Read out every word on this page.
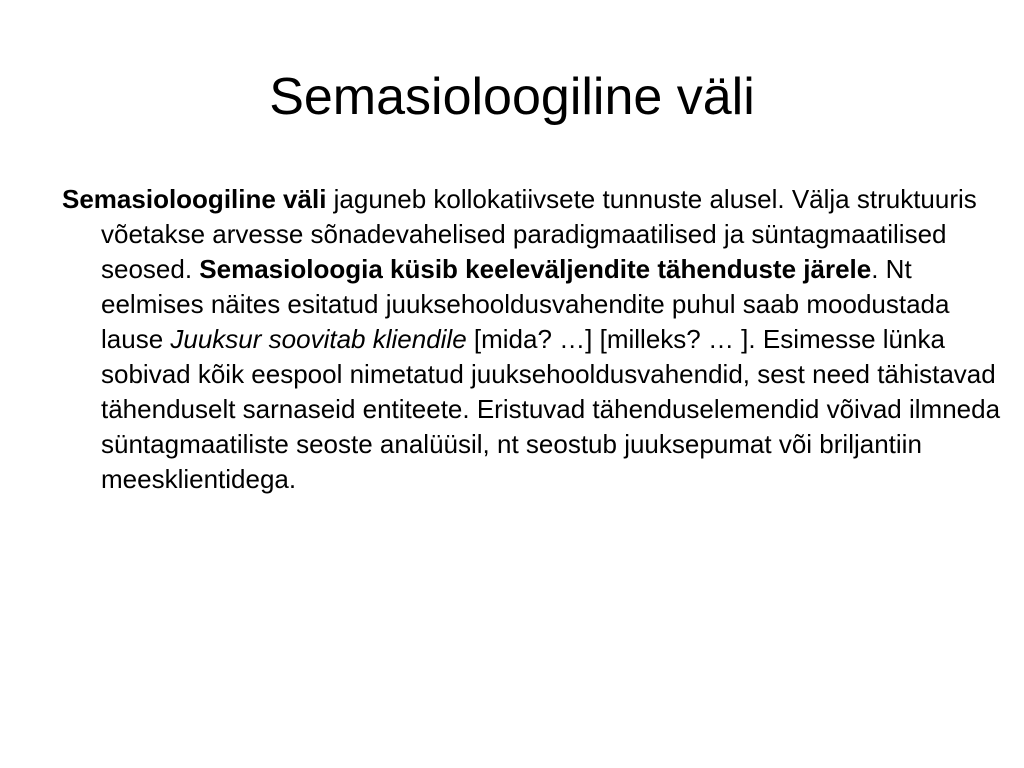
Semasioloogiline väli

Semasioloogiline väli jaguneb kollokatiivsete tunnuste alusel. Välja struktuuris võetakse arvesse sõnadevahelised paradigmaatilised ja süntagmaatilised seosed. Semasioloogia küsib keeleväljendite tähenduste järele. Nt eelmises näites esitatud juuksehooldusvahendite puhul saab moodustada lause Juuksur soovitab kliendile [mida? …] [milleks? … ]. Esimesse lünka sobivad kõik eespool nimetatud juuksehooldusvahendid, sest need tähistavad tähenduselt sarnaseid entiteete. Eristuvad tähenduselemendid võivad ilmneda süntagmaatiliste seoste analüüsil, nt seostub juuksepumat või briljantiin meesklientidega.
